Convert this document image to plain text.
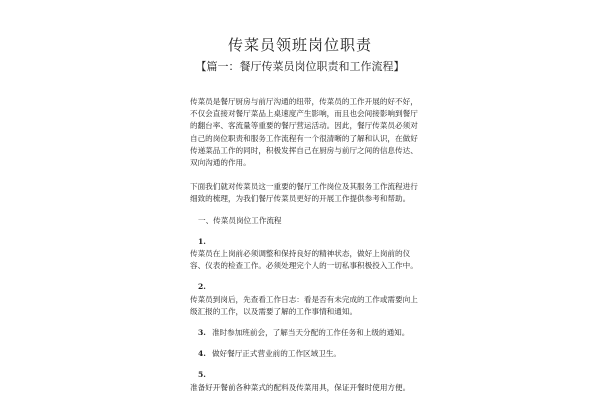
传菜员领班岗位职责
【篇一：餐厅传菜员岗位职责和工作流程】

传菜员是餐厅厨房与前厅沟通的纽带，传菜员的工作开展的好不好，不仅会直接对餐厅菜品上桌速度产生影响，而且也会间接影响到餐厅的翻台率、客流量等重要的餐厅营运活动。因此，餐厅传菜员必须对自己的岗位职责和服务工作流程有一个很清晰的了解和认识，在做好传递菜品工作的同时，积极发挥自己在厨房与前厅之间的信息传达、双向沟通的作用。

下面我们就对传菜员这一重要的餐厅工作岗位及其服务工作流程进行细致的梳理，为我们餐厅传菜员更好的开展工作提供参考和帮助。

一、传菜员岗位工作流程

1.

传菜员在上岗前必须调整和保持良好的精神状态，做好上岗前的仪容、仪表的检查工作。必须处理完个人的一切私事积极投入工作中。

2.

传菜员到岗后，先查看工作日志：看是否有未完成的工作或需要向上级汇报的工作，以及需要了解的工作事情和通知。

3. 准时参加班前会，了解当天分配的工作任务和上级的通知。

4. 做好餐厅正式营业前的工作区域卫生。

5.

准备好开餐前各种菜式的配料及传菜用具，保证开餐时使用方便。
